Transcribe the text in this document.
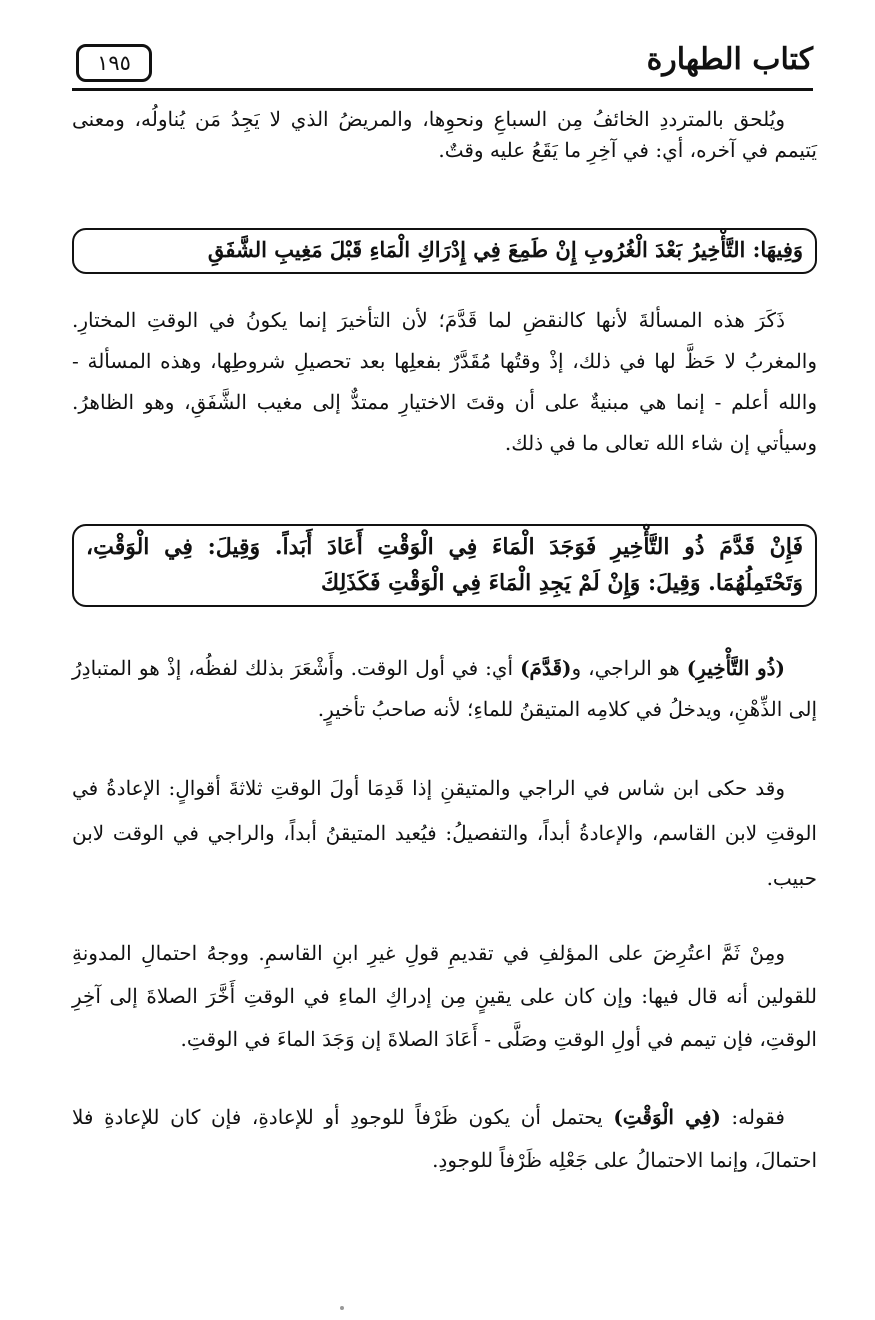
كتاب الطهارة
١٩٥

ويُلحق بالمترددِ الخائفُ مِن السباعِ ونحوِها، والمريضُ الذي لا يَجِدُ مَن يُناولُه، ومعنى يَتيمم في آخره، أي: في آخِرِ ما يَقَعُ عليه وقتٌ.

وَفِيهَا: التَّأْخِيرُ بَعْدَ الْغُرُوبِ إِنْ طَمِعَ فِي إِدْرَاكِ الْمَاءِ قَبْلَ مَغِيبِ الشَّفَقِ

ذَكَرَ هذه المسألةَ لأنها كالنقضِ لما قَدَّمَ؛ لأن التأخيرَ إنما يكونُ في الوقتِ المختارِ. والمغربُ لا حَظَّ لها في ذلك، إذْ وقتُها مُقَدَّرٌ بفعلِها بعد تحصيلِ شروطِها، وهذه المسألة - والله أعلم - إنما هي مبنيةٌ على أن وقتَ الاختيارِ ممتدٌّ إلى مغيب الشَّفَقِ، وهو الظاهرُ. وسيأتي إن شاء الله تعالى ما في ذلك.

فَإِنْ قَدَّمَ ذُو التَّأْخِيرِ فَوَجَدَ الْمَاءَ فِي الْوَقْتِ أَعَادَ أَبَداً. وَقِيلَ: فِي الْوَقْتِ، وَتَحْتَمِلُهُمَا. وَقِيلَ: وَإِنْ لَمْ يَجِدِ الْمَاءَ فِي الْوَقْتِ فَكَذَلِكَ

(ذُو التَّأْخِيرِ) هو الراجي، و(قَدَّمَ) أي: في أول الوقت. وأَشْعَرَ بذلك لفظُه، إذْ هو المتبادِرُ إلى الذِّهْنِ، ويدخلُ في كلامِه المتيقنُ للماءِ؛ لأنه صاحبُ تأخيرٍ.

وقد حكى ابن شاس في الراجي والمتيقنِ إذا قَدِمَا أولَ الوقتِ ثلاثةَ أقوالٍ: الإعادةُ في الوقتِ لابن القاسم، والإعادةُ أبداً، والتفصيلُ: فيُعيد المتيقنُ أبداً، والراجي في الوقت لابن حبيب.

ومِنْ ثَمَّ اعتُرِضَ على المؤلفِ في تقديمِ قولِ غيرِ ابنِ القاسمِ. ووجهُ احتمالِ المدونةِ للقولين أنه قال فيها: وإن كان على يقينٍ مِن إدراكِ الماءِ في الوقتِ أَخَّرَ الصلاةَ إلى آخِرِ الوقتِ، فإن تيمم في أولِ الوقتِ وصَلَّى - أَعَادَ الصلاةَ إن وَجَدَ الماءَ في الوقتِ.

فقوله: (فِي الْوَقْتِ) يحتمل أن يكون ظَرْفاً للوجودِ أو للإعادةِ، فإن كان للإعادةِ فلا احتمالَ، وإنما الاحتمالُ على جَعْلِه ظَرْفاً للوجودِ.
